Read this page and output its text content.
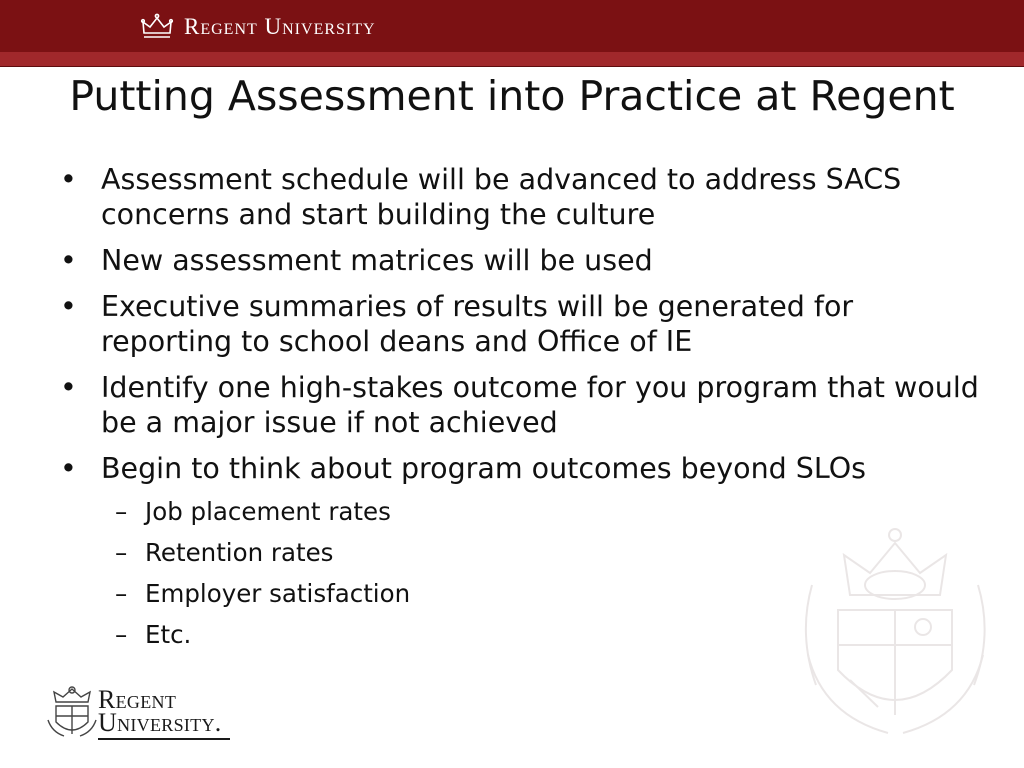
Regent University
Putting Assessment into Practice at Regent
• Assessment schedule will be advanced to address SACS concerns and start building the culture
• New assessment matrices will be used
• Executive summaries of results will be generated for reporting to school deans and Office of IE
• Identify one high-stakes outcome for you program that would be a major issue if not achieved
• Begin to think about program outcomes beyond SLOs
– Job placement rates
– Retention rates
– Employer satisfaction
– Etc.
Regent
University.
